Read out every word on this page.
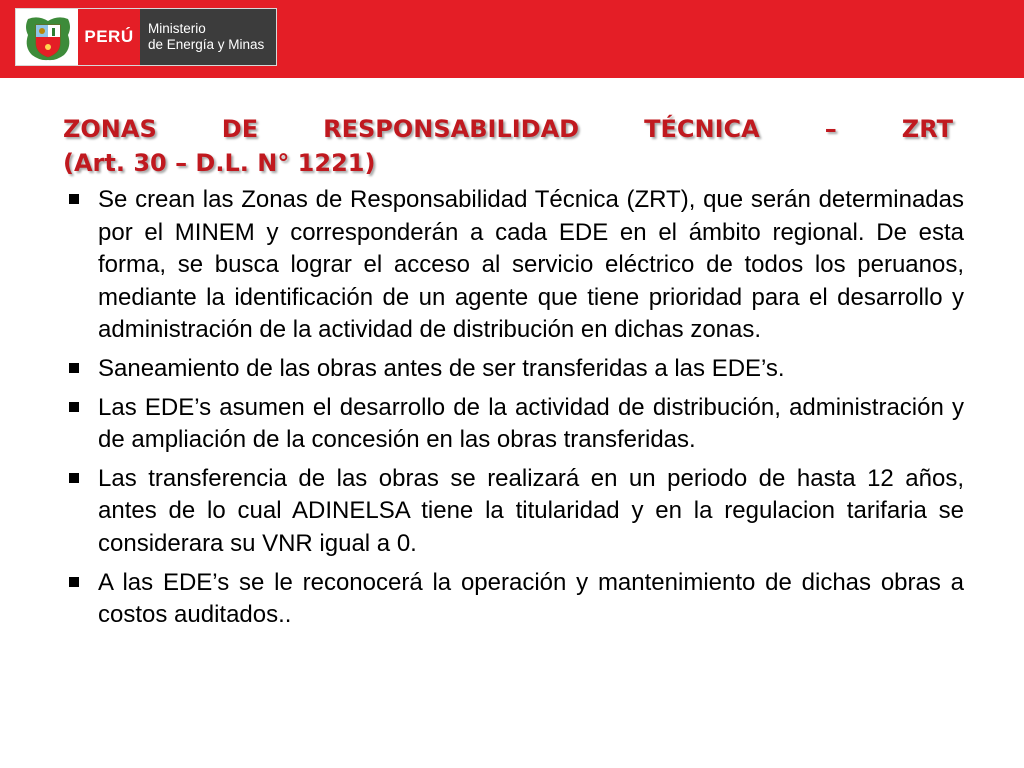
PERÚ	Ministerio
de Energía y Minas
ZONAS	DE	RESPONSABILIDAD	TÉCNICA	–	ZRT
(Art. 30 – D.L. N° 1221)
Se crean las Zonas de Responsabilidad Técnica (ZRT), que serán determinadas por el MINEM y corresponderán a cada EDE en el ámbito regional. De esta forma, se busca lograr el acceso al servicio eléctrico de todos los peruanos, mediante la identificación de un agente que tiene prioridad para el desarrollo y administración de la actividad de distribución en dichas zonas.
Saneamiento de las obras antes de ser transferidas a las EDE’s.
Las EDE’s asumen el desarrollo de la actividad de distribución, administración y de ampliación de la concesión en las obras transferidas.
Las transferencia de las obras se realizará en un periodo de hasta 12 años, antes de lo cual ADINELSA tiene la titularidad y en la regulacion tarifaria se considerara su VNR igual a 0.
A las EDE’s se le reconocerá la operación y mantenimiento de dichas obras a costos auditados..
